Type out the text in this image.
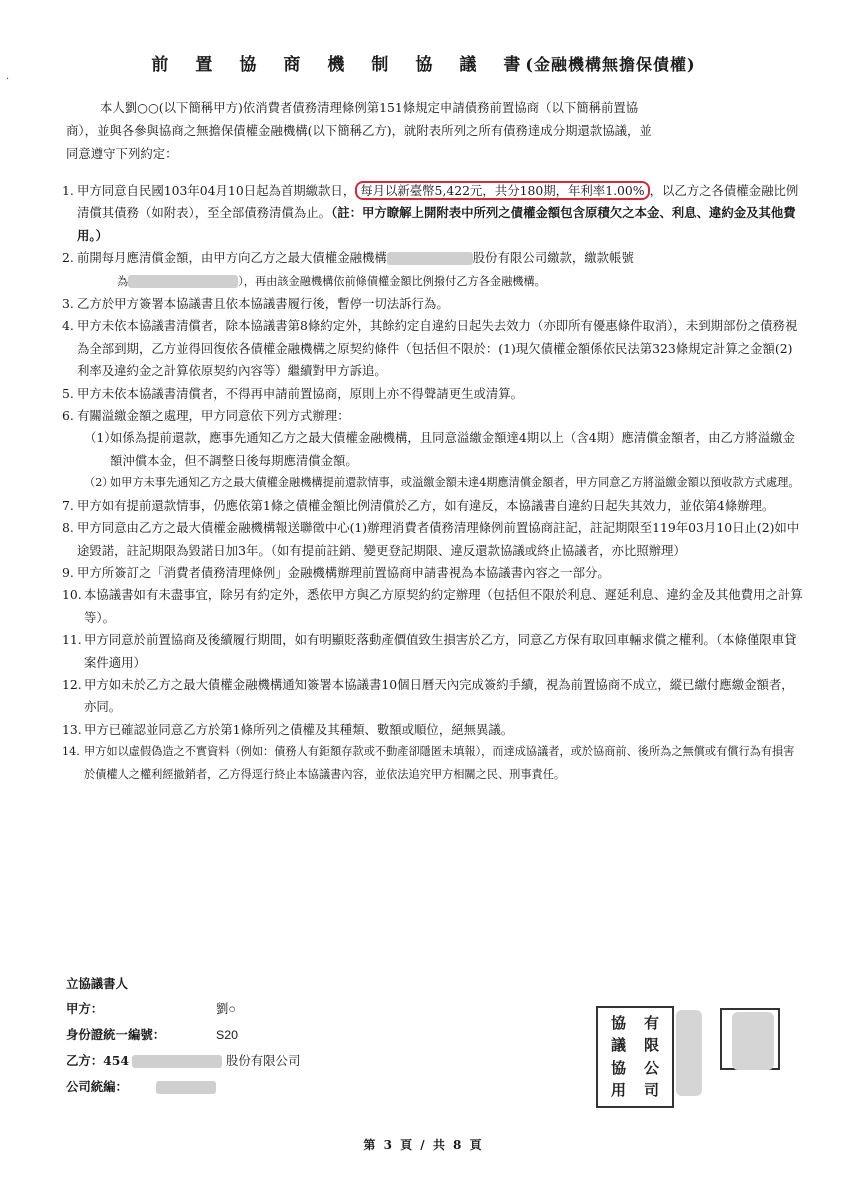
·
前　置　協　商　機　制　協　議　書(金融機構無擔保債權)
本人劉○○(以下簡稱甲方)依消費者債務清理條例第151條規定申請債務前置協商（以下簡稱前置協
商），並與各參與協商之無擔保債權金融機構(以下簡稱乙方)，就附表所列之所有債務達成分期還款協議，並
同意遵守下列約定：
1. 甲方同意自民國103年04月10日起為首期繳款日， 每月以新臺幣5,422元，共分180期，年利率1.00% ，以乙方之各債權金融比例清償其債務（如附表），至全部債務清償為止。（註：甲方瞭解上開附表中所列之債權金額包含原積欠之本金、利息、違約金及其他費用。）
2. 前開每月應清償金額，由甲方向乙方之最大債權金融機構	股份有限公司繳款，繳款帳號
為	），再由該金融機構依前條債權金額比例撥付乙方各金融機構。
3. 乙方於甲方簽署本協議書且依本協議書履行後，暫停一切法訴行為。
4. 甲方未依本協議書清償者，除本協議書第8條約定外，其餘約定自違約日起失去效力（亦即所有優惠條件取消），未到期部份之債務視為全部到期，乙方並得回復依各債權金融機構之原契約條件（包括但不限於：(1)現欠債權金額係依民法第323條規定計算之金額(2)利率及違約金之計算依原契約內容等）繼續對甲方訴追。
5. 甲方未依本協議書清償者，不得再申請前置協商，原則上亦不得聲請更生或清算。
6. 有關溢繳金額之處理，甲方同意依下列方式辦理：
（1）
如係為提前還款，應事先通知乙方之最大債權金融機構，且同意溢繳金額達4期以上（含4期）應清償金額者，由乙方將溢繳金額沖償本金，但不調整日後每期應清償金額。
（2）
如甲方未事先通知乙方之最大債權金融機構提前還款情事，或溢繳金額未達4期應清償金額者，甲方同意乙方將溢繳金額以預收款方式處理。
7. 甲方如有提前還款情事，仍應依第1條之債權金額比例清償於乙方，如有違反，本協議書自違約日起失其效力，並依第4條辦理。
8. 甲方同意由乙方之最大債權金融機構報送聯徵中心(1)辦理消費者債務清理條例前置協商註記，註記期限至119年03月10日止(2)如中途毀諾，註記期限為毀諾日加3年。（如有提前註銷、變更登記期限、違反還款協議或終止協議者，亦比照辦理）
9. 甲方所簽訂之「消費者債務清理條例」金融機構辦理前置協商申請書視為本協議書內容之一部分。
10. 本協議書如有未盡事宜，除另有約定外，悉依甲方與乙方原契約約定辦理（包括但不限於利息、遲延利息、違約金及其他費用之計算等）。
11. 甲方同意於前置協商及後續履行期間，如有明顯貶落動產價值致生損害於乙方，同意乙方保有取回車輛求償之權利。（本條僅限車貸案件適用）
12. 甲方如未於乙方之最大債權金融機構通知簽署本協議書10個日曆天內完成簽約手續，視為前置協商不成立，縱已繳付應繳金額者，亦同。
13. 甲方已確認並同意乙方於第1條所列之債權及其種類、數額或順位，絕無異議。
14. 甲方如以虛假偽造之不實資料（例如：債務人有鉅額存款或不動產卻隱匿未填報），而達成協議者，或於協商前、後所為之無償或有償行為有損害於債權人之權利經撤銷者，乙方得逕行終止本協議書內容，並依法追究甲方相關之民、刑事責任。
立協議書人
甲方：	劉○
身份證統一編號：	S20
乙方：454	股份有限公司
公司統編：
協	有
議	限
協	公
用	司
第 3 頁 / 共 8 頁
